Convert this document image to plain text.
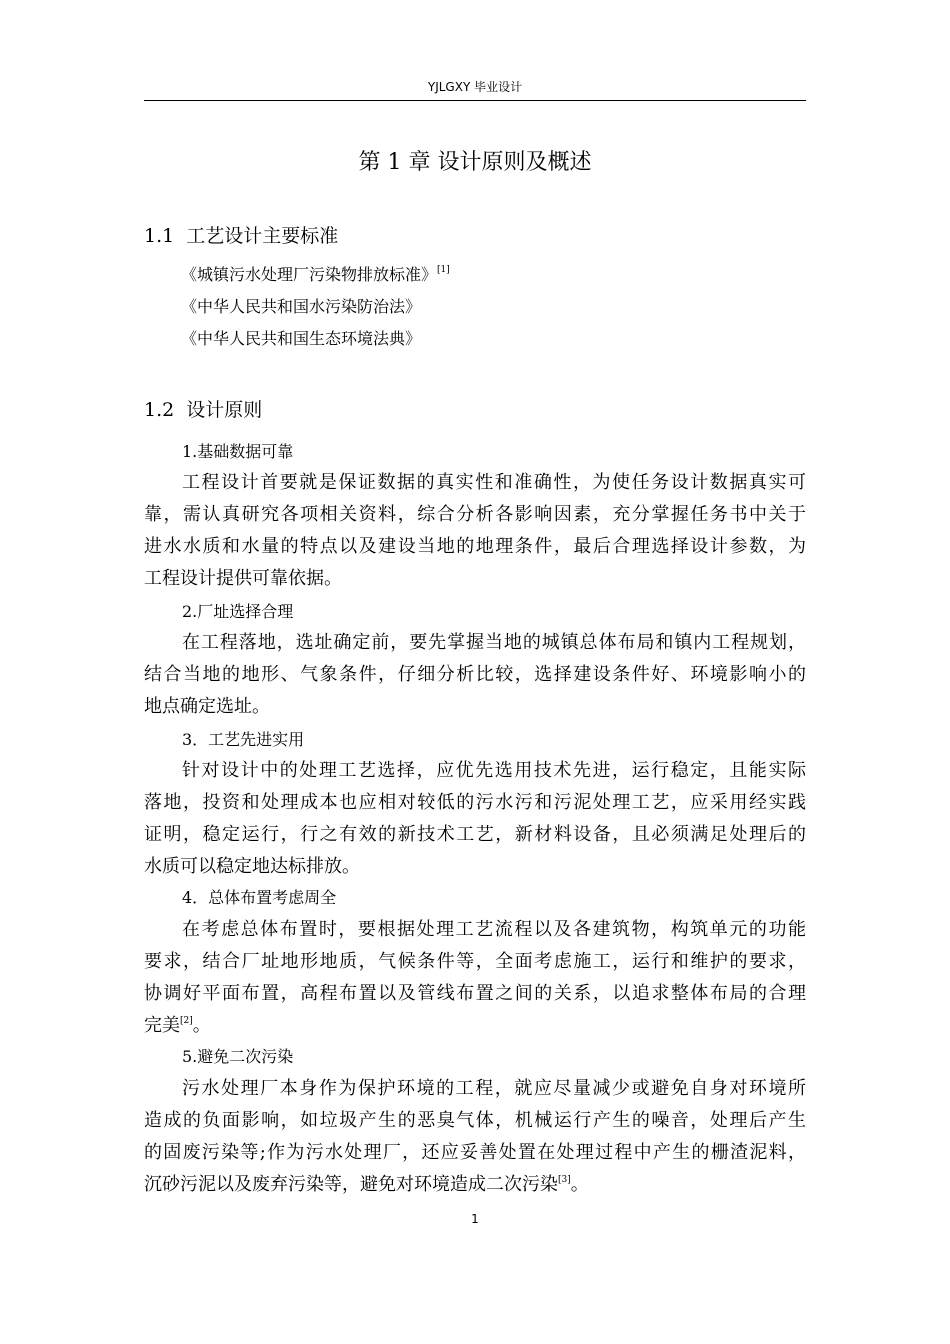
YJLGXY 毕业设计
第 1 章 设计原则及概述
1.1 工艺设计主要标准
《城镇污水处理厂污染物排放标准》[1]
《中华人民共和国水污染防治法》
《中华人民共和国生态环境法典》
1.2 设计原则
1.基础数据可靠
工程设计首要就是保证数据的真实性和准确性，为使任务设计数据真实可
靠，需认真研究各项相关资料，综合分析各影响因素，充分掌握任务书中关于
进水水质和水量的特点以及建设当地的地理条件，最后合理选择设计参数，为
工程设计提供可靠依据。
2.厂址选择合理
在工程落地，选址确定前，要先掌握当地的城镇总体布局和镇内工程规划，
结合当地的地形、气象条件，仔细分析比较，选择建设条件好、环境影响小的
地点确定选址。
3．工艺先进实用
针对设计中的处理工艺选择，应优先选用技术先进，运行稳定，且能实际
落地，投资和处理成本也应相对较低的污水污和污泥处理工艺，应采用经实践
证明，稳定运行，行之有效的新技术工艺，新材料设备，且必须满足处理后的
水质可以稳定地达标排放。
4．总体布置考虑周全
在考虑总体布置时，要根据处理工艺流程以及各建筑物，构筑单元的功能
要求，结合厂址地形地质，气候条件等，全面考虑施工，运行和维护的要求，
协调好平面布置，高程布置以及管线布置之间的关系，以追求整体布局的合理
完美[2]。
5.避免二次污染
污水处理厂本身作为保护环境的工程，就应尽量减少或避免自身对环境所
造成的负面影响，如垃圾产生的恶臭气体，机械运行产生的噪音，处理后产生
的固废污染等;作为污水处理厂，还应妥善处置在处理过程中产生的栅渣泥料，
沉砂污泥以及废弃污染等，避免对环境造成二次污染[3]。
1
